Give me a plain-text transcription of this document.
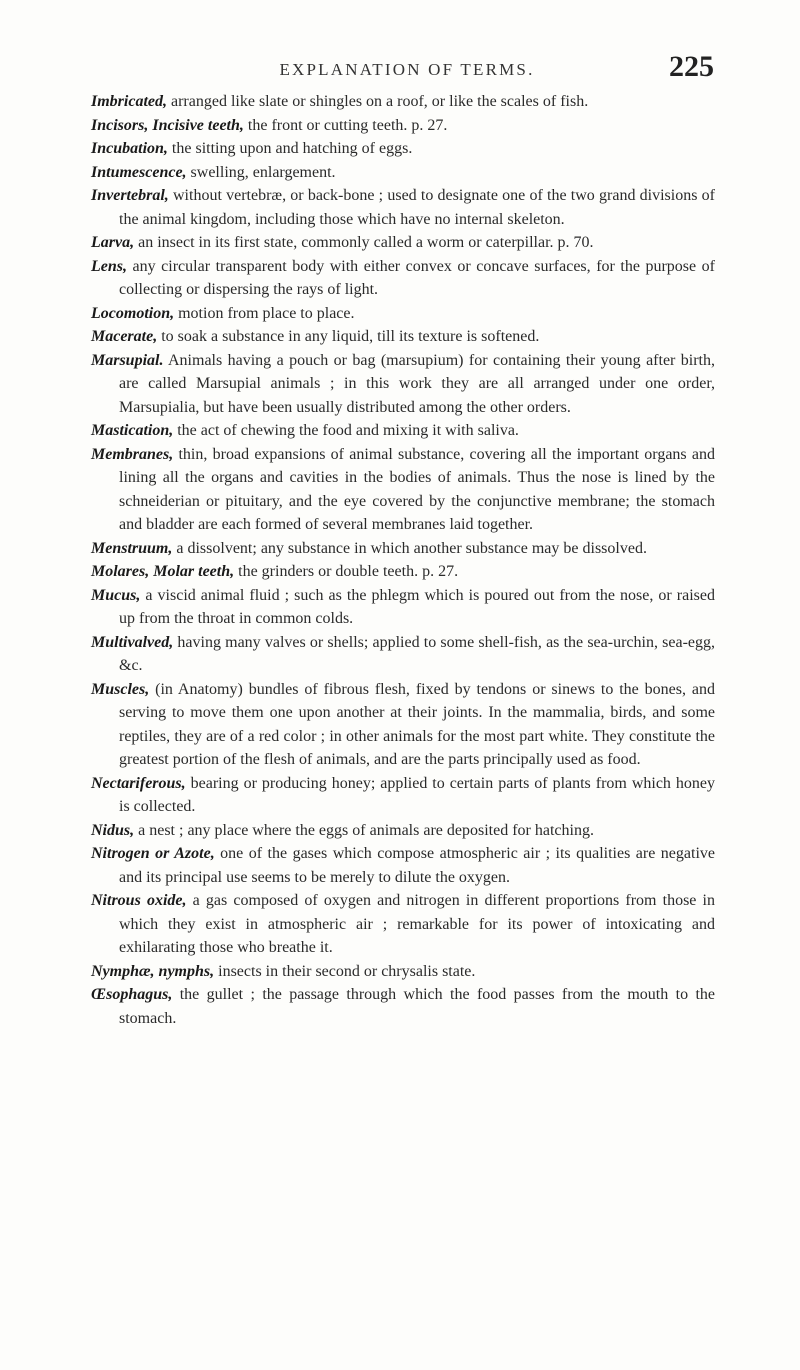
EXPLANATION OF TERMS.	225

Imbricated, arranged like slate or shingles on a roof, or like the scales of fish.

Incisors, Incisive teeth, the front or cutting teeth. p. 27.

Incubation, the sitting upon and hatching of eggs.

Intumescence, swelling, enlargement.

Invertebral, without vertebræ, or back-bone ; used to designate one of the two grand divisions of the animal kingdom, including those which have no internal skeleton.

Larva, an insect in its first state, commonly called a worm or caterpillar. p. 70.

Lens, any circular transparent body with either convex or concave surfaces, for the purpose of collecting or dispersing the rays of light.

Locomotion, motion from place to place.

Macerate, to soak a substance in any liquid, till its texture is softened.

Marsupial. Animals having a pouch or bag (marsupium) for containing their young after birth, are called Marsupial animals ; in this work they are all arranged under one order, Marsupialia, but have been usually distributed among the other orders.

Mastication, the act of chewing the food and mixing it with saliva.

Membranes, thin, broad expansions of animal substance, covering all the important organs and lining all the organs and cavities in the bodies of animals. Thus the nose is lined by the schneiderian or pituitary, and the eye covered by the conjunctive membrane; the stomach and bladder are each formed of several membranes laid together.

Menstruum, a dissolvent; any substance in which another substance may be dissolved.

Molares, Molar teeth, the grinders or double teeth. p. 27.

Mucus, a viscid animal fluid ; such as the phlegm which is poured out from the nose, or raised up from the throat in common colds.

Multivalved, having many valves or shells; applied to some shell-fish, as the sea-urchin, sea-egg, &c.

Muscles, (in Anatomy) bundles of fibrous flesh, fixed by tendons or sinews to the bones, and serving to move them one upon another at their joints. In the mammalia, birds, and some reptiles, they are of a red color ; in other animals for the most part white. They constitute the greatest portion of the flesh of animals, and are the parts principally used as food.

Nectariferous, bearing or producing honey; applied to certain parts of plants from which honey is collected.

Nidus, a nest ; any place where the eggs of animals are deposited for hatching.

Nitrogen or Azote, one of the gases which compose atmospheric air ; its qualities are negative and its principal use seems to be merely to dilute the oxygen.

Nitrous oxide, a gas composed of oxygen and nitrogen in different proportions from those in which they exist in atmospheric air ; remarkable for its power of intoxicating and exhilarating those who breathe it.

Nymphæ, nymphs, insects in their second or chrysalis state.

Œsophagus, the gullet ; the passage through which the food passes from the mouth to the stomach.
